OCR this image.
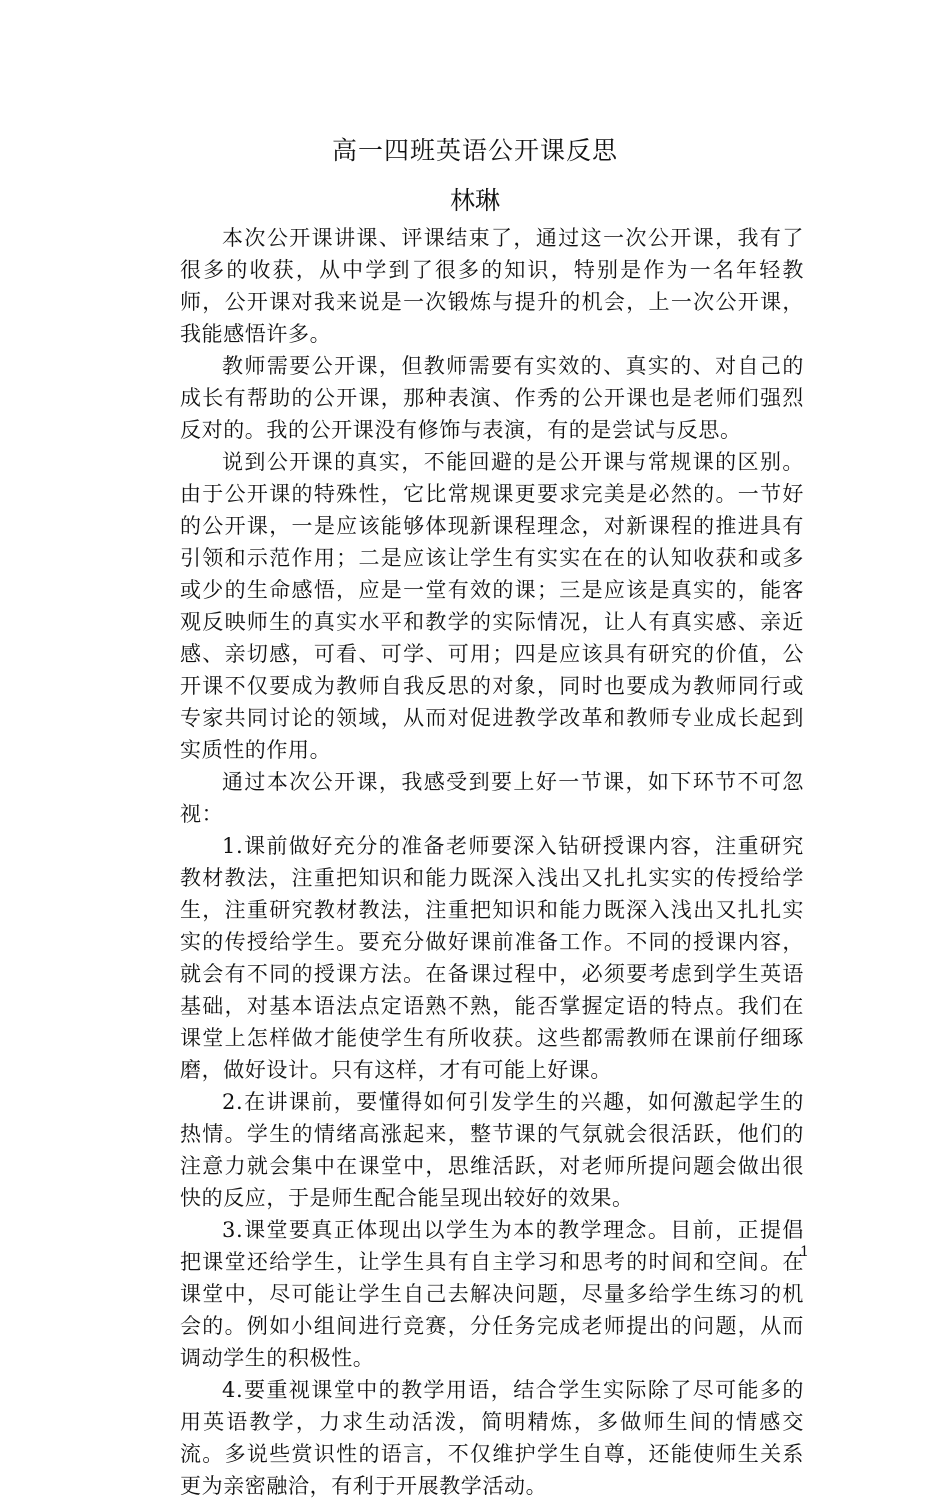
高一四班英语公开课反思
林琳

本次公开课讲课、评课结束了，通过这一次公开课，我有了很多的收获，从中学到了很多的知识，特别是作为一名年轻教师，公开课对我来说是一次锻炼与提升的机会，上一次公开课，我能感悟许多。

教师需要公开课，但教师需要有实效的、真实的、对自己的成长有帮助的公开课，那种表演、作秀的公开课也是老师们强烈反对的。我的公开课没有修饰与表演，有的是尝试与反思。

说到公开课的真实，不能回避的是公开课与常规课的区别。由于公开课的特殊性，它比常规课更要求完美是必然的。一节好的公开课，一是应该能够体现新课程理念，对新课程的推进具有引领和示范作用；二是应该让学生有实实在在的认知收获和或多或少的生命感悟，应是一堂有效的课；三是应该是真实的，能客观反映师生的真实水平和教学的实际情况，让人有真实感、亲近感、亲切感，可看、可学、可用；四是应该具有研究的价值，公开课不仅要成为教师自我反思的对象，同时也要成为教师同行或专家共同讨论的领域，从而对促进教学改革和教师专业成长起到实质性的作用。

通过本次公开课，我感受到要上好一节课，如下环节不可忽视：

1.课前做好充分的准备老师要深入钻研授课内容，注重研究教材教法，注重把知识和能力既深入浅出又扎扎实实的传授给学生，注重研究教材教法，注重把知识和能力既深入浅出又扎扎实实的传授给学生。要充分做好课前准备工作。不同的授课内容，就会有不同的授课方法。在备课过程中，必须要考虑到学生英语基础，对基本语法点定语熟不熟，能否掌握定语的特点。我们在课堂上怎样做才能使学生有所收获。这些都需教师在课前仔细琢磨，做好设计。只有这样，才有可能上好课。

2.在讲课前，要懂得如何引发学生的兴趣，如何激起学生的热情。学生的情绪高涨起来，整节课的气氛就会很活跃，他们的注意力就会集中在课堂中，思维活跃，对老师所提问题会做出很快的反应，于是师生配合能呈现出较好的效果。

3.课堂要真正体现出以学生为本的教学理念。目前，正提倡把课堂还给学生，让学生具有自主学习和思考的时间和空间。在课堂中，尽可能让学生自己去解决问题，尽量多给学生练习的机会的。例如小组间进行竞赛，分任务完成老师提出的问题，从而调动学生的积极性。

4.要重视课堂中的教学用语，结合学生实际除了尽可能多的用英语教学，力求生动活泼，简明精炼，多做师生间的情感交流。多说些赏识性的语言，不仅维护学生自尊，还能使师生关系更为亲密融洽，有利于开展教学活动。

1
